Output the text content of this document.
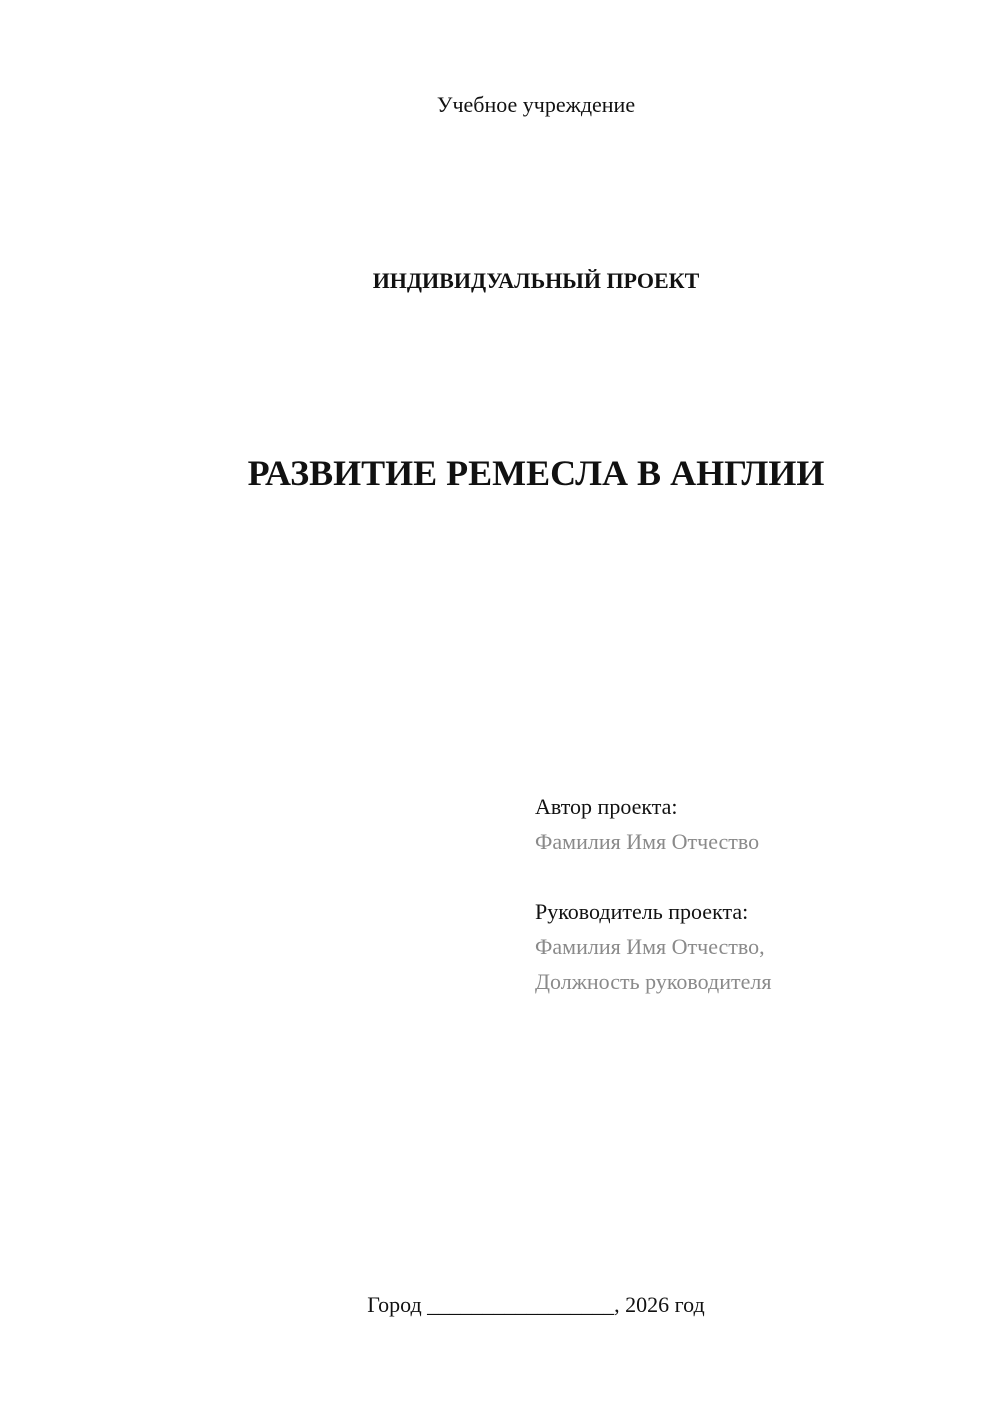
Учебное учреждение

ИНДИВИДУАЛЬНЫЙ ПРОЕКТ

РАЗВИТИЕ РЕМЕСЛА В АНГЛИИ
Автор проекта:
Фамилия Имя Отчество
Руководитель проекта:
Фамилия Имя Отчество,
Должность руководителя

Город _________________, 2026 год
